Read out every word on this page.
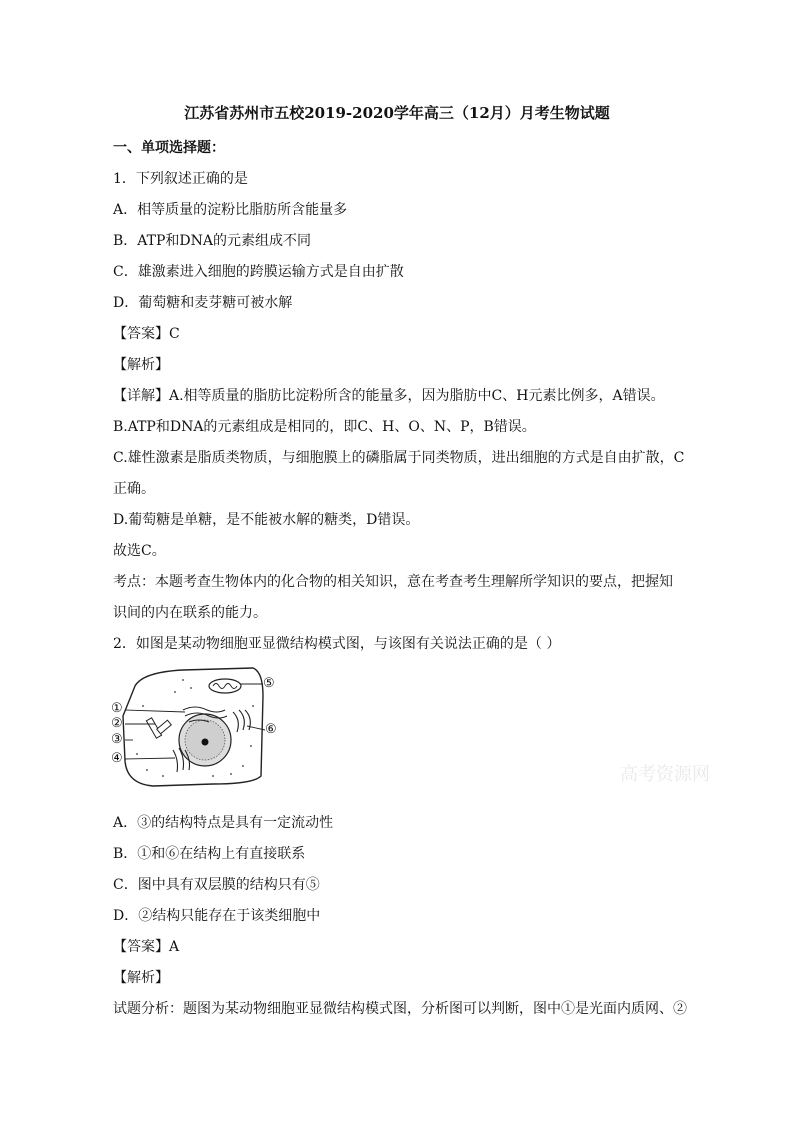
江苏省苏州市五校2019-2020学年高三（12月）月考生物试题
一、单项选择题：
1．下列叙述正确的是
A．相等质量的淀粉比脂肪所含能量多
B．ATP和DNA的元素组成不同
C．雄激素进入细胞的跨膜运输方式是自由扩散
D．葡萄糖和麦芽糖可被水解
【答案】C
【解析】
【详解】A.相等质量的脂肪比淀粉所含的能量多，因为脂肪中C、H元素比例多，A错误。
B.ATP和DNA的元素组成是相同的，即C、H、O、N、P，B错误。
C.雄性激素是脂质类物质，与细胞膜上的磷脂属于同类物质，进出细胞的方式是自由扩散，C
正确。
D.葡萄糖是单糖，是不能被水解的糖类，D错误。
故选C。
考点：本题考查生物体内的化合物的相关知识，意在考查考生理解所学知识的要点，把握知
识间的内在联系的能力。
2．如图是某动物细胞亚显微结构模式图，与该图有关说法正确的是（ ）
①
②
③
④
⑤
⑥
高考资源网
A．③的结构特点是具有一定流动性
B．①和⑥在结构上有直接联系
C．图中具有双层膜的结构只有⑤
D．②结构只能存在于该类细胞中
【答案】A
【解析】
试题分析：题图为某动物细胞亚显微结构模式图，分析图可以判断，图中①是光面内质网、②
